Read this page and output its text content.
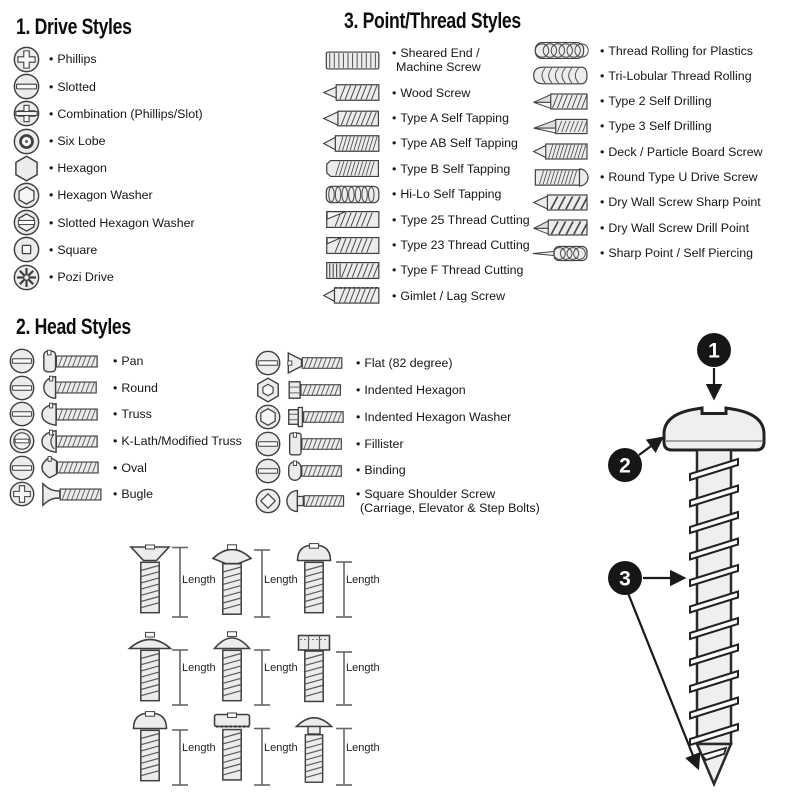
1. Drive Styles
• Phillips
• Slotted
• Combination (Phillips/Slot)
• Six Lobe
• Hexagon
• Hexagon Washer
• Slotted Hexagon Washer
• Square
• Pozi Drive
3. Point/Thread Styles
• Sheared End /
Machine Screw
• Wood Screw
• Type A Self Tapping
• Type AB Self Tapping
• Type B Self Tapping
• Hi-Lo Self Tapping
• Type 25 Thread Cutting
• Type 23 Thread Cutting
• Type F Thread Cutting
• Gimlet / Lag Screw
• Thread Rolling for Plastics
• Tri-Lobular Thread Rolling
• Type 2 Self Drilling
• Type 3 Self Drilling
• Deck / Particle Board Screw
• Round Type U Drive Screw
• Dry Wall Screw Sharp Point
• Dry Wall Screw Drill Point
• Sharp Point / Self Piercing
2. Head Styles
• Pan
• Round
• Truss
• K-Lath/Modified Truss
• Oval
• Bugle
• Flat (82 degree)
• Indented Hexagon
• Indented Hexagon Washer
• Fillister
• Binding
• Square Shoulder Screw
(Carriage, Elevator & Step Bolts)
Length	Length	Length
Length	Length	Length
Length	Length	Length
1
2
3
